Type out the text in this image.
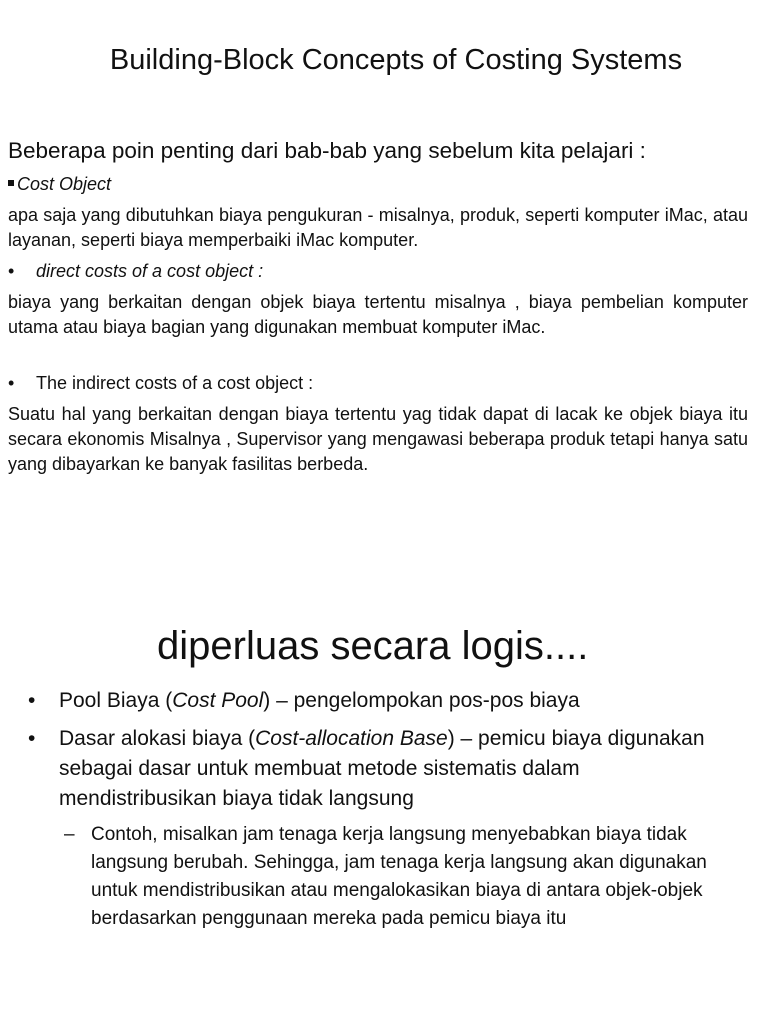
Building-Block Concepts of Costing Systems
Beberapa poin penting dari bab-bab yang sebelum kita pelajari :
Cost Object
apa saja yang dibutuhkan biaya pengukuran - misalnya, produk, seperti komputer iMac, atau layanan, seperti biaya memperbaiki iMac komputer.
• direct costs of a cost object :
biaya yang berkaitan dengan objek biaya tertentu misalnya , biaya pembelian komputer utama atau biaya bagian yang digunakan membuat komputer iMac.
• The indirect costs of a cost object :
Suatu hal yang berkaitan dengan biaya tertentu yag tidak dapat di lacak ke objek biaya itu secara ekonomis Misalnya , Supervisor yang mengawasi beberapa produk tetapi hanya satu yang dibayarkan ke banyak fasilitas berbeda.
diperluas secara logis....
• Pool Biaya (Cost Pool) – pengelompokan pos-pos biaya
• Dasar alokasi biaya (Cost-allocation Base) – pemicu biaya digunakan sebagai dasar untuk membuat metode sistematis dalam mendistribusikan biaya tidak langsung
– Contoh, misalkan jam tenaga kerja langsung menyebabkan biaya tidak langsung berubah. Sehingga, jam tenaga kerja langsung akan digunakan untuk mendistribusikan atau mengalokasikan biaya di antara objek-objek berdasarkan penggunaan mereka pada pemicu biaya itu
